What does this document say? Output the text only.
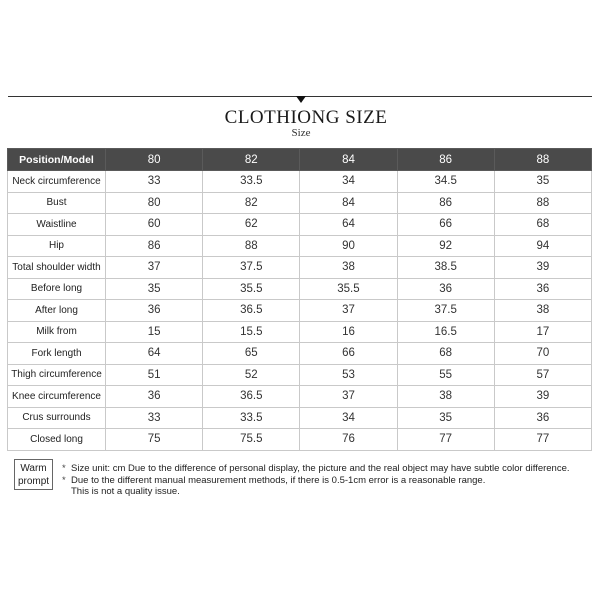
CLOTHIONG SIZE
Size
Position/Model	80	82	84	86	88
Neck circumference	33	33.5	34	34.5	35
Bust	80	82	84	86	88
Waistline	60	62	64	66	68
Hip	86	88	90	92	94
Total shoulder width	37	37.5	38	38.5	39
Before long	35	35.5	35.5	36	36
After long	36	36.5	37	37.5	38
Milk from	15	15.5	16	16.5	17
Fork length	64	65	66	68	70
Thigh circumference	51	52	53	55	57
Knee circumference	36	36.5	37	38	39
Crus surrounds	33	33.5	34	35	36
Closed long	75	75.5	76	77	77
Warm
prompt
* Size unit: cm Due to the difference of personal display, the picture and the real object may have subtle color difference.
* Due to the different manual measurement methods, if there is 0.5-1cm error is a reasonable range.
This is not a quality issue.
